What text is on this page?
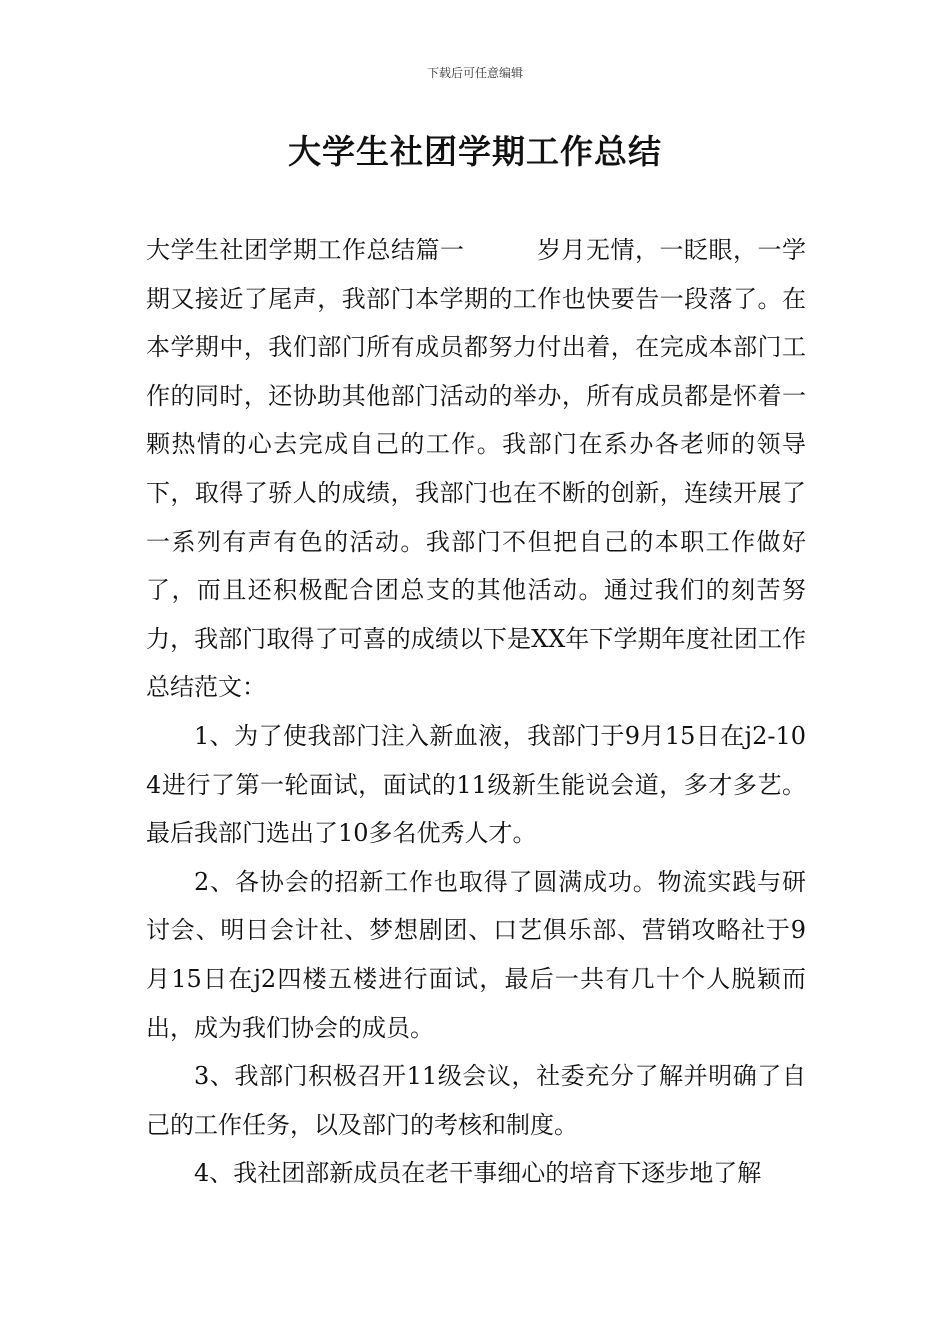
下载后可任意编辑
大学生社团学期工作总结

大学生社团学期工作总结篇一	岁月无情，一眨眼，一学期又接近了尾声，我部门本学期的工作也快要告一段落了。在本学期中，我们部门所有成员都努力付出着，在完成本部门工作的同时，还协助其他部门活动的举办，所有成员都是怀着一颗热情的心去完成自己的工作。我部门在系办各老师的领导下，取得了骄人的成绩，我部门也在不断的创新，连续开展了一系列有声有色的活动。我部门不但把自己的本职工作做好了，而且还积极配合团总支的其他活动。通过我们的刻苦努力，我部门取得了可喜的成绩以下是XX年下学期年度社团工作总结范文：

1、为了使我部门注入新血液，我部门于9月15日在j2-104进行了第一轮面试，面试的11级新生能说会道，多才多艺。最后我部门选出了10多名优秀人才。

2、各协会的招新工作也取得了圆满成功。物流实践与研讨会、明日会计社、梦想剧团、口艺俱乐部、营销攻略社于9月15日在j2四楼五楼进行面试，最后一共有几十个人脱颖而出，成为我们协会的成员。

3、我部门积极召开11级会议，社委充分了解并明确了自己的工作任务，以及部门的考核和制度。

4、我社团部新成员在老干事细心的培育下逐步地了解
